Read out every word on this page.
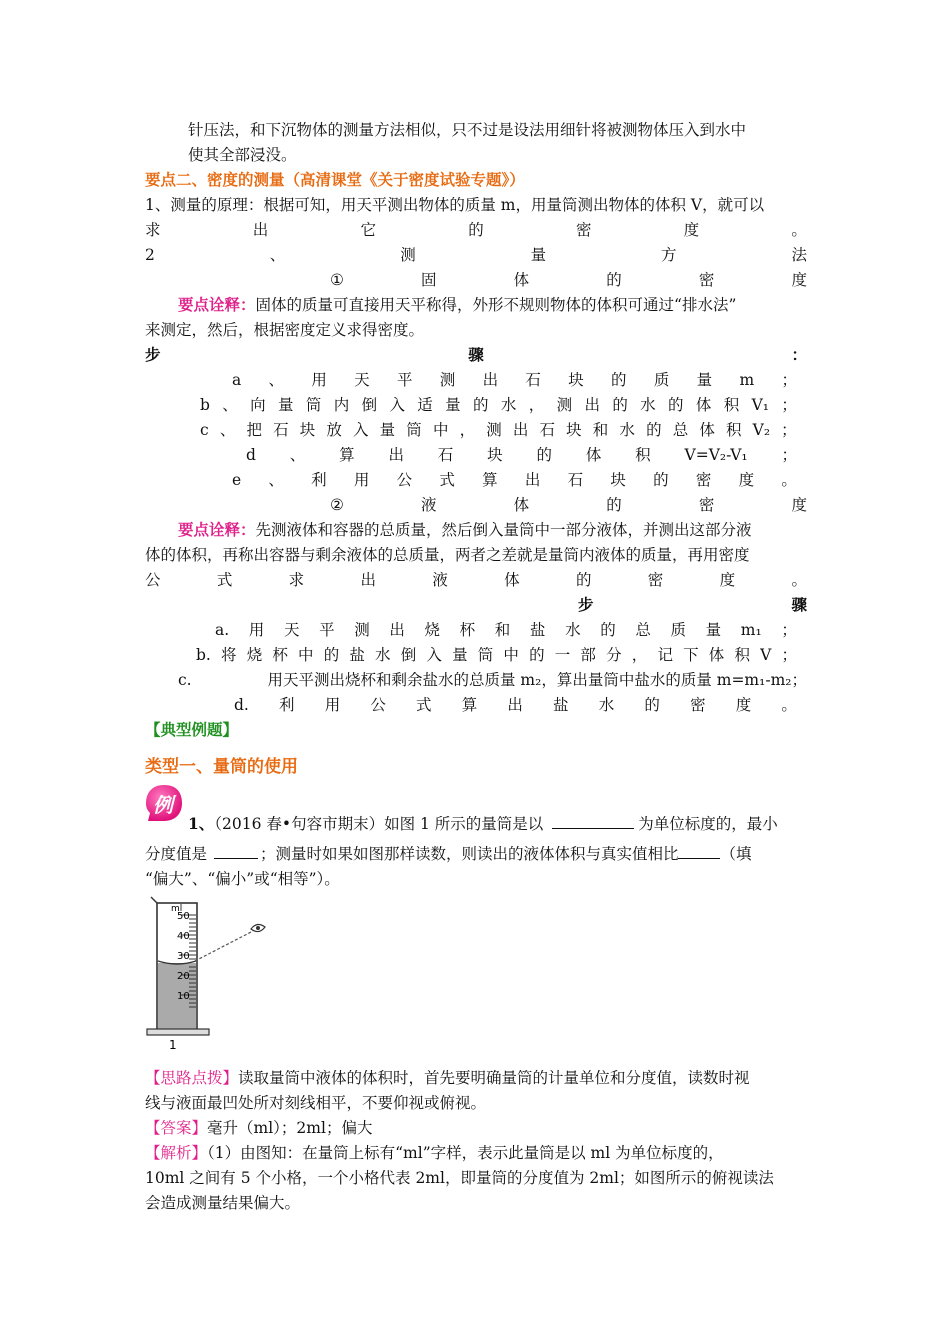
针压法，和下沉物体的测量方法相似，只不过是设法用细针将被测物体压入到水中
使其全部浸没。
要点二、密度的测量（高清课堂《关于密度试验专题》）
1、测量的原理：根据可知，用天平测出物体的质量 m，用量筒测出物体的体积 V，就可以
求	出	它	的	密	度	。
2	、	测	量	方	法
①	固	体	的	密	度
要点诠释：固体的质量可直接用天平称得，外形不规则物体的体积可通过“排水法”
来测定，然后，根据密度定义求得密度。
步	骤	：
a 、 用 天 平 测 出 石 块 的 质 量 m ；
b 、 向 量 筒 内 倒 入 适 量 的 水 ， 测 出 的 水 的 体 积 V₁ ；
c 、 把 石 块 放 入 量 筒 中 ， 测 出 石 块 和 水 的 总 体 积 V₂ ；
d 、 算 出 石 块 的 体 积 V=V₂-V₁ ；
e 、 利 用 公 式 算 出 石 块 的 密 度 。
②	液	体	的	密	度
要点诠释：先测液体和容器的总质量，然后倒入量筒中一部分液体，并测出这部分液
体的体积，再称出容器与剩余液体的总质量，两者之差就是量筒内液体的质量，再用密度
公	式	求	出	液	体	的	密	度	。
步	骤
a. 用 天 平 测 出 烧 杯 和 盐 水 的 总 质 量 m₁ ；
b. 将 烧 杯 中 的 盐 水 倒 入 量 筒 中 的 一 部 分 ， 记 下 体 积 V ；
c.	用天平测出烧杯和剩余盐水的总质量 m₂，算出量筒中盐水的质量 m=m₁-m₂；
d. 利 用 公 式 算 出 盐 水 的 密 度 。
【典型例题】
类型一、量筒的使用
例
1、（2016 春•句容市期末）如图 1 所示的量筒是以	为单位标度的，最小
分度值是	；测量时如果如图那样读数，则读出的液体体积与真实值相比	（填
“偏大”、“偏小”或“相等”）。
ml
50
40
30
20
10
1
【思路点拨】读取量筒中液体的体积时，首先要明确量筒的计量单位和分度值，读数时视
线与液面最凹处所对刻线相平，不要仰视或俯视。
【答案】毫升（ml）；2ml；偏大
【解析】（1）由图知：在量筒上标有“ml”字样，表示此量筒是以 ml 为单位标度的，
10ml 之间有 5 个小格，一个小格代表 2ml，即量筒的分度值为 2ml；如图所示的俯视读法
会造成测量结果偏大。
